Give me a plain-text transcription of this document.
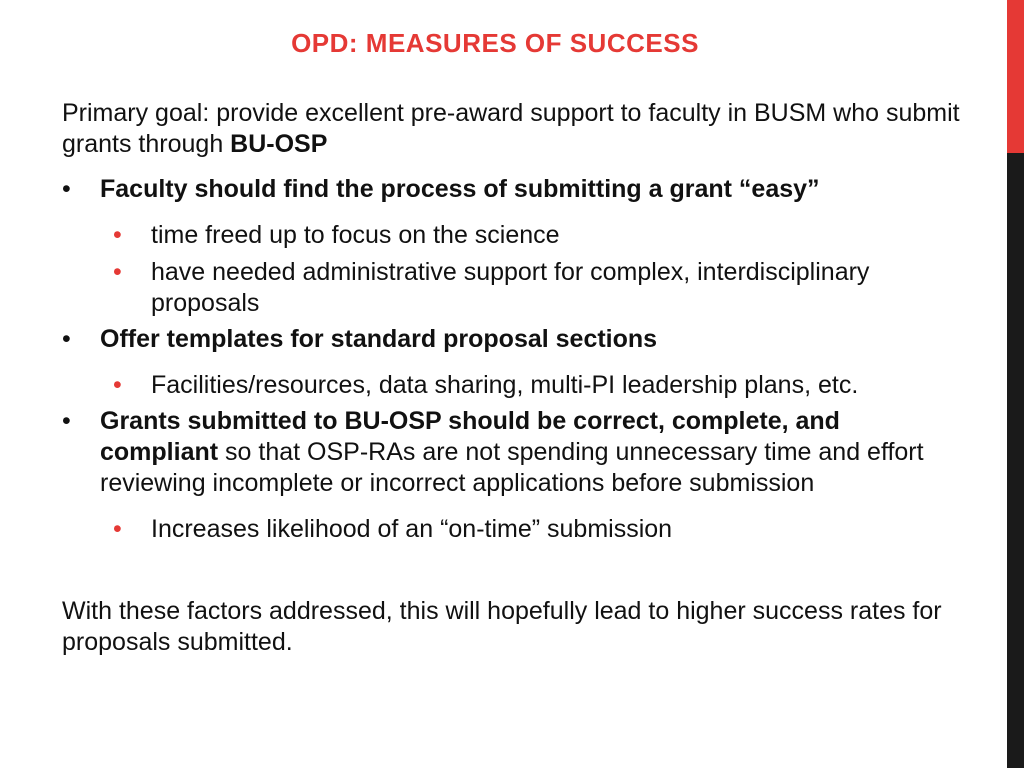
OPD: MEASURES OF SUCCESS

Primary goal: provide excellent pre-award support to faculty in BUSM who submit grants through BU-OSP

• Faculty should find the process of submitting a grant “easy”

• time freed up to focus on the science

• have needed administrative support for complex, interdisciplinary proposals

• Offer templates for standard proposal sections

• Facilities/resources, data sharing, multi-PI leadership plans, etc.

• Grants submitted to BU-OSP should be correct, complete, and compliant so that OSP-RAs are not spending unnecessary time and effort reviewing incomplete or incorrect applications before submission

• Increases likelihood of an “on-time” submission

With these factors addressed, this will hopefully lead to higher success rates for proposals submitted.
